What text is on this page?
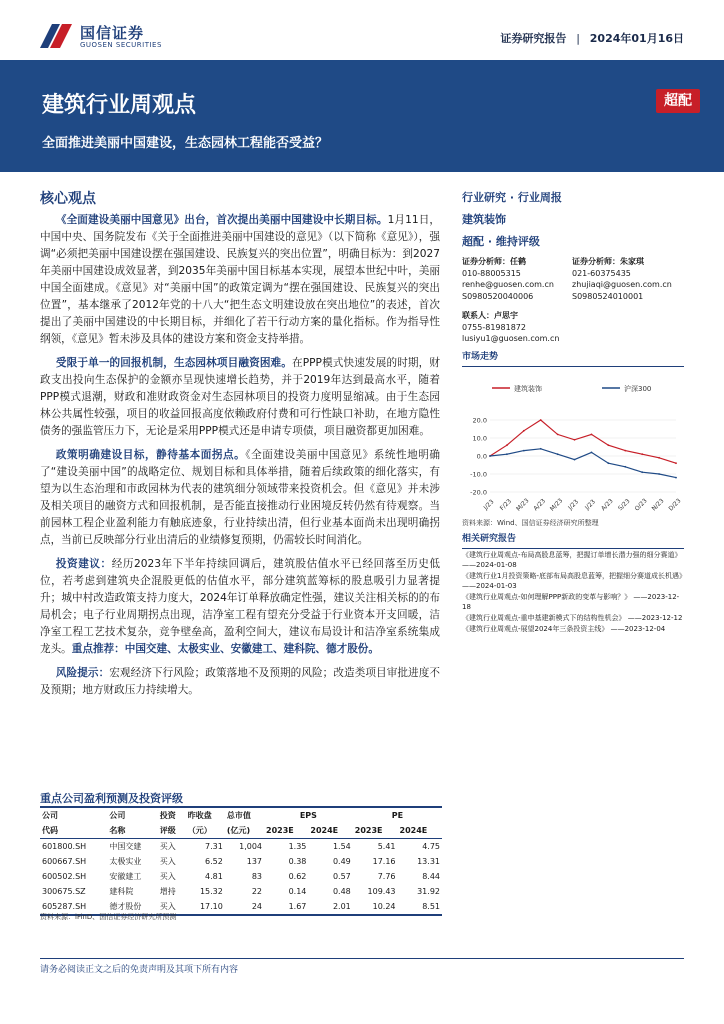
国信证券
GUOSEN SECURITIES	证券研究报告 | 2024年01月16日
建筑行业周观点
全面推进美丽中国建设，生态园林工程能否受益？
超配
核心观点

《全面建设美丽中国意见》出台，首次提出美丽中国建设中长期目标。1月11日，中国中央、国务院发布《关于全面推进美丽中国建设的意见》（以下简称《意见》），强调“必须把美丽中国建设摆在强国建设、民族复兴的突出位置”，明确目标为：到2027年美丽中国建设成效显著，到2035年美丽中国目标基本实现，展望本世纪中叶，美丽中国全面建成。《意见》对“美丽中国”的政策定调为“摆在强国建设、民族复兴的突出位置”，基本继承了2012年党的十八大“把生态文明建设放在突出地位”的表述，首次提出了美丽中国建设的中长期目标，并细化了若干行动方案的量化指标。作为指导性纲领，《意见》暂未涉及具体的建设方案和资金支持举措。

受限于单一的回报机制，生态园林项目融资困难。在PPP模式快速发展的时期，财政支出投向生态保护的金额亦呈现快速增长趋势，并于2019年达到最高水平，随着PPP模式退潮，财政和准财政资金对生态园林项目的投资力度明显缩减。由于生态园林公共属性较强，项目的收益回报高度依赖政府付费和可行性缺口补助，在地方隐性债务的强监管压力下，无论是采用PPP模式还是申请专项债，项目融资都更加困难。

政策明确建设目标，静待基本面拐点。《全面建设美丽中国意见》系统性地明确了“建设美丽中国”的战略定位、规划目标和具体举措，随着后续政策的细化落实，有望为以生态治理和市政园林为代表的建筑细分领域带来投资机会。但《意见》并未涉及相关项目的融资方式和回报机制，是否能直接推动行业困境反转仍然有待观察。当前园林工程企业盈利能力有触底迹象，行业持续出清，但行业基本面尚未出现明确拐点，当前已反映部分行业出清后的业绩修复预期，仍需较长时间消化。

投资建议：经历2023年下半年持续回调后，建筑股估值水平已经回落至历史低位，若考虑到建筑央企混股更低的估值水平，部分建筑蓝筹标的股息吸引力显著提升；城中村改造政策支持力度大，2024年订单释放确定性强，建议关注相关标的的布局机会；电子行业周期拐点出现，洁净室工程有望充分受益于行业资本开支回暖，洁净室工程工艺技术复杂，竞争壁垒高，盈利空间大，建议布局设计和洁净室系统集成龙头。重点推荐：中国交建、太极实业、安徽建工、建科院、德才股份。

风险提示：宏观经济下行风险；政策落地不及预期的风险；改造类项目审批进度不及预期；地方财政压力持续增大。

行业研究 · 行业周报
建筑装饰
超配 · 维持评级
证券分析师：任鹤
010-88005315
renhe@guosen.com.cn
S0980520040006
证券分析师：朱家琪
021-60375435
zhujiaqi@guosen.com.cn
S0980524010001
联系人：卢思宇
0755-81981872
lusiyu1@guosen.com.cn
市场走势
建筑装饰	沪深300
20.0
10.0
0.0
-10.0
-20.0
J/23 F/23 M/23 A/23 M/23 J/23 J/23 A/23 S/23 O/23 N/23 D/23
资料来源：Wind、国信证券经济研究所整理
相关研究报告
《建筑行业周观点-布局高股息蓝筹，把握订单增长潜力强的细分赛道》 ——2024-01-08
《建筑行业1月投资策略-底部布局高股息蓝筹，把握细分赛道成长机遇》 ——2024-01-03
《建筑行业周观点-如何理解PPP新政的变革与影响？》 ——2023-12-18
《建筑行业周观点-重申基建新模式下的结构性机会》 ——2023-12-12
《建筑行业周观点-展望2024年三条投资主线》 ——2023-12-04
重点公司盈利预测及投资评级
公司	公司	投资	昨收盘	总市值	EPS		PE	
代码	名称	评级	（元）	(亿元)	2023E	2024E	2023E	2024E
601800.SH	中国交建	买入	7.31	1,004	1.35	1.54	5.41	4.75
600667.SH	太极实业	买入	6.52	137	0.38	0.49	17.16	13.31
600502.SH	安徽建工	买入	4.81	83	0.62	0.57	7.76	8.44
300675.SZ	建科院	增持	15.32	22	0.14	0.48	109.43	31.92
605287.SH	德才股份	买入	17.10	24	1.67	2.01	10.24	8.51
资料来源：iFinD、国信证券经济研究所预测
请务必阅读正文之后的免责声明及其项下所有内容
